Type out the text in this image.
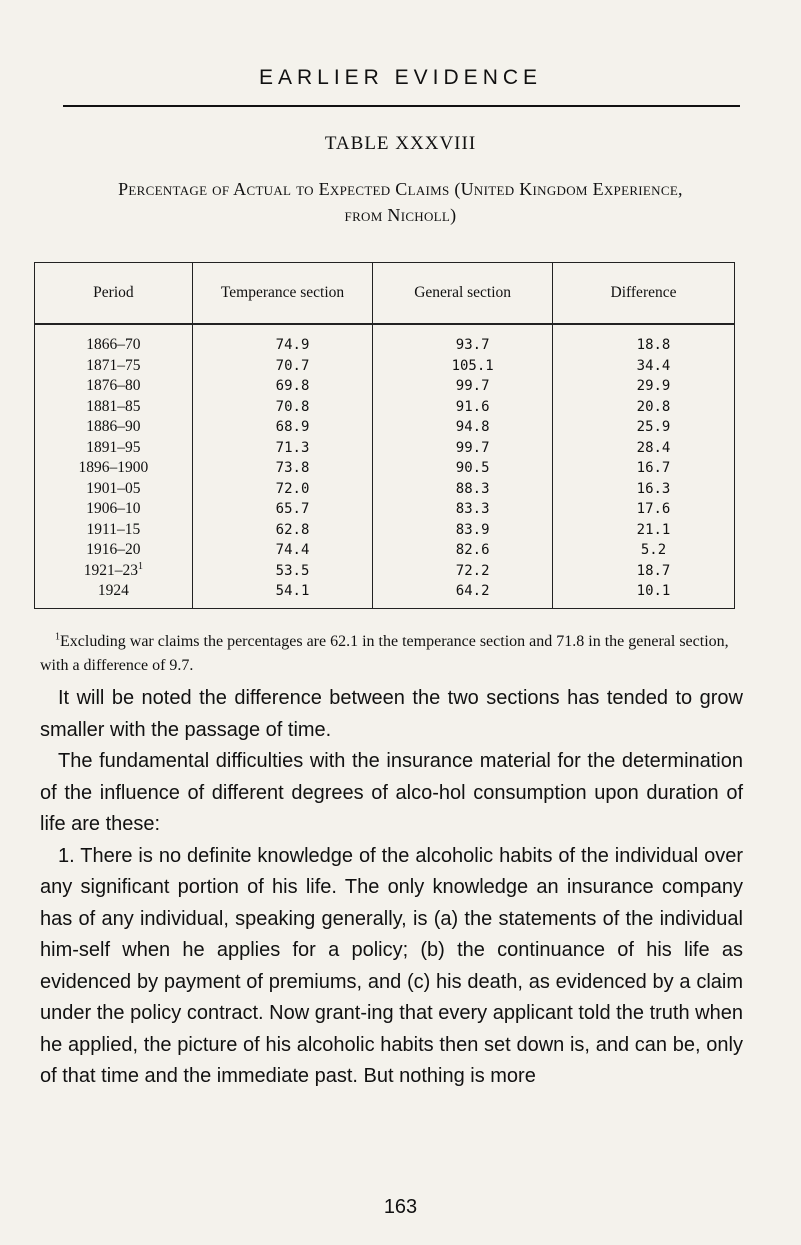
EARLIER EVIDENCE
TABLE XXXVIII
Percentage of Actual to Expected Claims (United Kingdom Experience,
from Nicholl)
Period	Temperance section	General section	Difference
1866–70	74.9	93.7	18.8
1871–75	70.7	105.1	34.4
1876–80	69.8	99.7	29.9
1881–85	70.8	91.6	20.8
1886–90	68.9	94.8	25.9
1891–95	71.3	99.7	28.4
1896–1900	73.8	90.5	16.7
1901–05	72.0	88.3	16.3
1906–10	65.7	83.3	17.6
1911–15	62.8	83.9	21.1
1916–20	74.4	82.6	5.2
$1921-23^1$	53.5	72.2	18.7
1924	54.1	64.2	10.1

$^1$Excluding war claims the percentages are 62.1 in the temperance section and 71.8 in the general section, with a difference of 9.7.

It will be noted the difference between the two sections has tended to grow smaller with the passage of time.

The fundamental difficulties with the insurance material for the determination of the influence of different degrees of alco-hol consumption upon duration of life are these:

1. There is no definite knowledge of the alcoholic habits of the individual over any significant portion of his life. The only knowledge an insurance company has of any individual, speaking generally, is (a) the statements of the individual him-self when he applies for a policy; (b) the continuance of his life as evidenced by payment of premiums, and (c) his death, as evidenced by a claim under the policy contract. Now grant-ing that every applicant told the truth when he applied, the picture of his alcoholic habits then set down is, and can be, only of that time and the immediate past. But nothing is more

163
